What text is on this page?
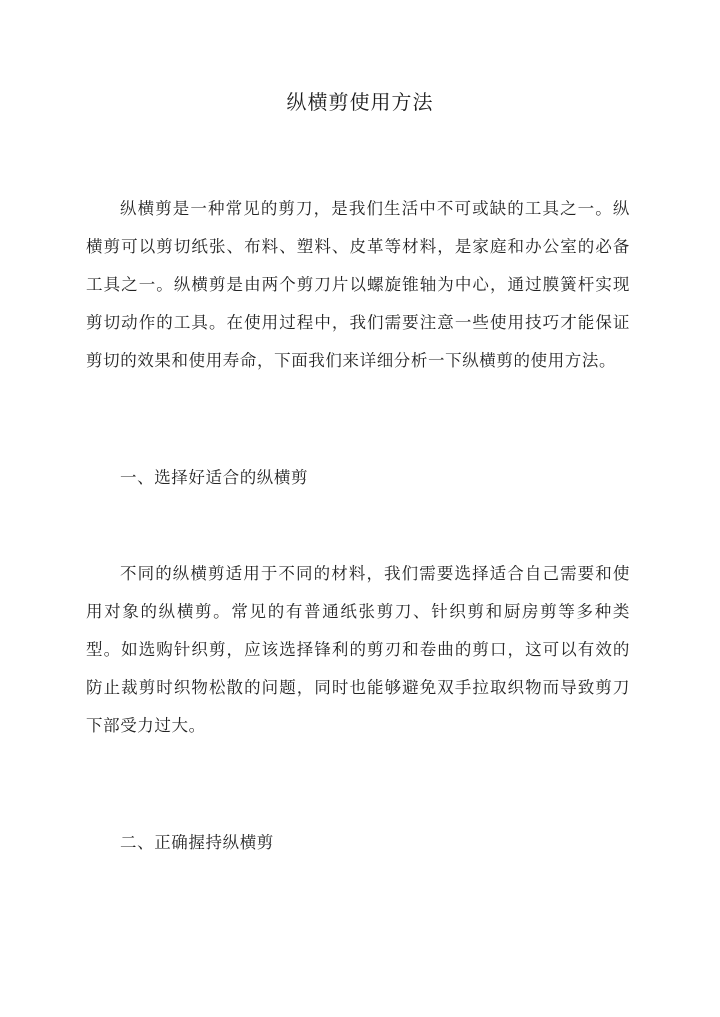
纵横剪使用方法

纵横剪是一种常见的剪刀，是我们生活中不可或缺的工具之一。纵横剪可以剪切纸张、布料、塑料、皮革等材料，是家庭和办公室的必备工具之一。纵横剪是由两个剪刀片以螺旋锥轴为中心，通过膜簧杆实现剪切动作的工具。在使用过程中，我们需要注意一些使用技巧才能保证剪切的效果和使用寿命，下面我们来详细分析一下纵横剪的使用方法。

一、选择好适合的纵横剪

不同的纵横剪适用于不同的材料，我们需要选择适合自己需要和使用对象的纵横剪。常见的有普通纸张剪刀、针织剪和厨房剪等多种类型。如选购针织剪，应该选择锋利的剪刃和卷曲的剪口，这可以有效的防止裁剪时织物松散的问题，同时也能够避免双手拉取织物而导致剪刀下部受力过大。

二、正确握持纵横剪
